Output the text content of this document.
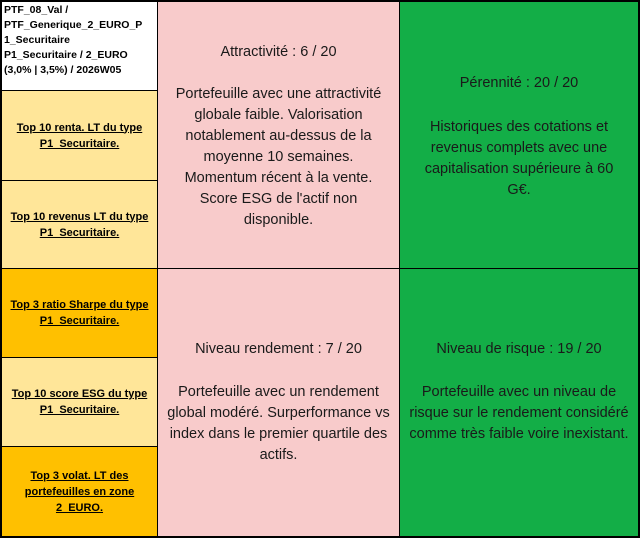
PTF_08_Val /
PTF_Generique_2_EURO_P
1_Securitaire
P1_Securitaire / 2_EURO
(3,0% | 3,5%) / 2026W05
Top 10 renta. LT du type P1_Securitaire.
Top 10 revenus LT du type P1_Securitaire.
Top 3 ratio Sharpe du type P1_Securitaire.
Top 10 score ESG du type P1_Securitaire.
Top 3 volat. LT des portefeuilles en zone 2_EURO.
Attractivité : 6 / 20
Portefeuille avec une attractivité globale faible. Valorisation notablement au-dessus de la moyenne 10 semaines. Momentum récent à la vente. Score ESG de l'actif non disponible.
Pérennité : 20 / 20
Historiques des cotations et revenus complets avec une capitalisation supérieure à 60 G€.
Niveau rendement : 7 / 20
Portefeuille avec un rendement global modéré. Surperformance vs index dans le premier quartile des actifs.
Niveau de risque : 19 / 20
Portefeuille avec un niveau de risque sur le rendement considéré comme très faible voire inexistant.
